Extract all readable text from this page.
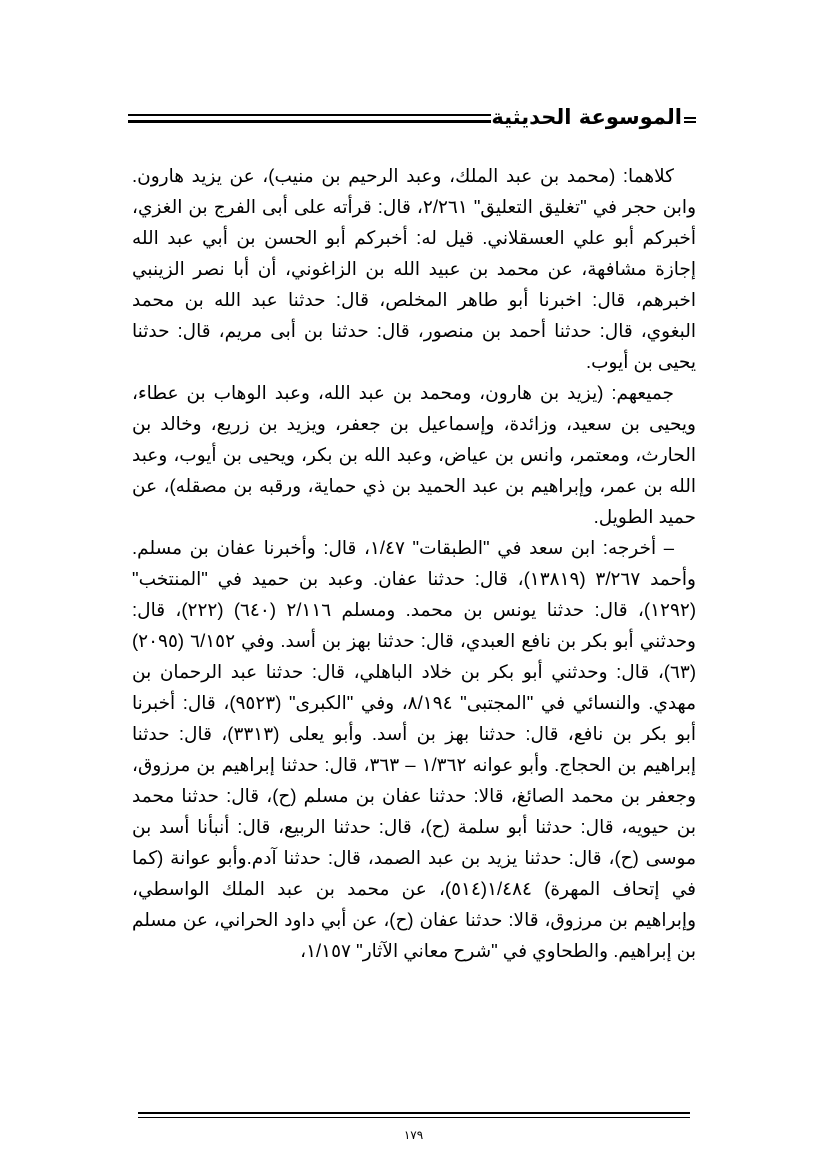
الموسوعة الحديثية

كلاهما: (محمد بن عبد الملك، وعبد الرحيم بن منيب)، عن يزيد هارون. وابن حجر في "تغليق التعليق" ٢/٢٦١، قال: قرأته على أبى الفرج بن الغزي، أخبركم أبو علي العسقلاني. قيل له: أخبركم أبو الحسن بن أبي عبد الله إجازة مشافهة، عن محمد بن عبيد الله بن الزاغوني، أن أبا نصر الزينبي اخبرهم، قال: اخبرنا أبو طاهر المخلص، قال: حدثنا عبد الله بن محمد البغوي، قال: حدثنا أحمد بن منصور، قال: حدثنا بن أبى مريم، قال: حدثنا يحيى بن أيوب.

جميعهم: (يزيد بن هارون، ومحمد بن عبد الله، وعبد الوهاب بن عطاء، ويحيى بن سعيد، وزائدة، وإسماعيل بن جعفر، ويزيد بن زريع، وخالد بن الحارث، ومعتمر، وانس بن عياض، وعبد الله بن بكر، ويحيى بن أيوب، وعبد الله بن عمر، وإبراهيم بن عبد الحميد بن ذي حماية، ورقبه بن مصقله)، عن حميد الطويل.

– أخرجه: ابن سعد في "الطبقات" ١/٤٧، قال: وأخبرنا عفان بن مسلم. وأحمد ٣/٢٦٧ (١٣٨١٩)، قال: حدثنا عفان. وعبد بن حميد في "المنتخب" (١٢٩٢)، قال: حدثنا يونس بن محمد. ومسلم ٢/١١٦ (٦٤٠) (٢٢٢)، قال: وحدثني أبو بكر بن نافع العبدي، قال: حدثنا بهز بن أسد. وفي ٦/١٥٢ (٢٠٩٥) (٦٣)، قال: وحدثني أبو بكر بن خلاد الباهلي، قال: حدثنا عبد الرحمان بن مهدي. والنسائي في "المجتبى" ٨/١٩٤، وفي "الكبرى" (٩٥٢٣)، قال: أخبرنا أبو بكر بن نافع، قال: حدثنا بهز بن أسد. وأبو يعلى (٣٣١٣)، قال: حدثنا إبراهيم بن الحجاج. وأبو عوانه ١/٣٦٢ – ٣٦٣، قال: حدثنا إبراهيم بن مرزوق، وجعفر بن محمد الصائغ، قالا: حدثنا عفان بن مسلم (ح)، قال: حدثنا محمد بن حيويه، قال: حدثنا أبو سلمة (ح)، قال: حدثنا الربيع، قال: أنبأنا أسد بن موسى (ح)، قال: حدثنا يزيد بن عبد الصمد، قال: حدثنا آدم.وأبو عوانة (كما في إتحاف المهرة) ١/٤٨٤(٥١٤)، عن محمد بن عبد الملك الواسطي، وإبراهيم بن مرزوق، قالا: حدثنا عفان (ح)، عن أبي داود الحراني، عن مسلم بن إبراهيم. والطحاوي في "شرح معاني الآثار" ١/١٥٧،

١٧٩
